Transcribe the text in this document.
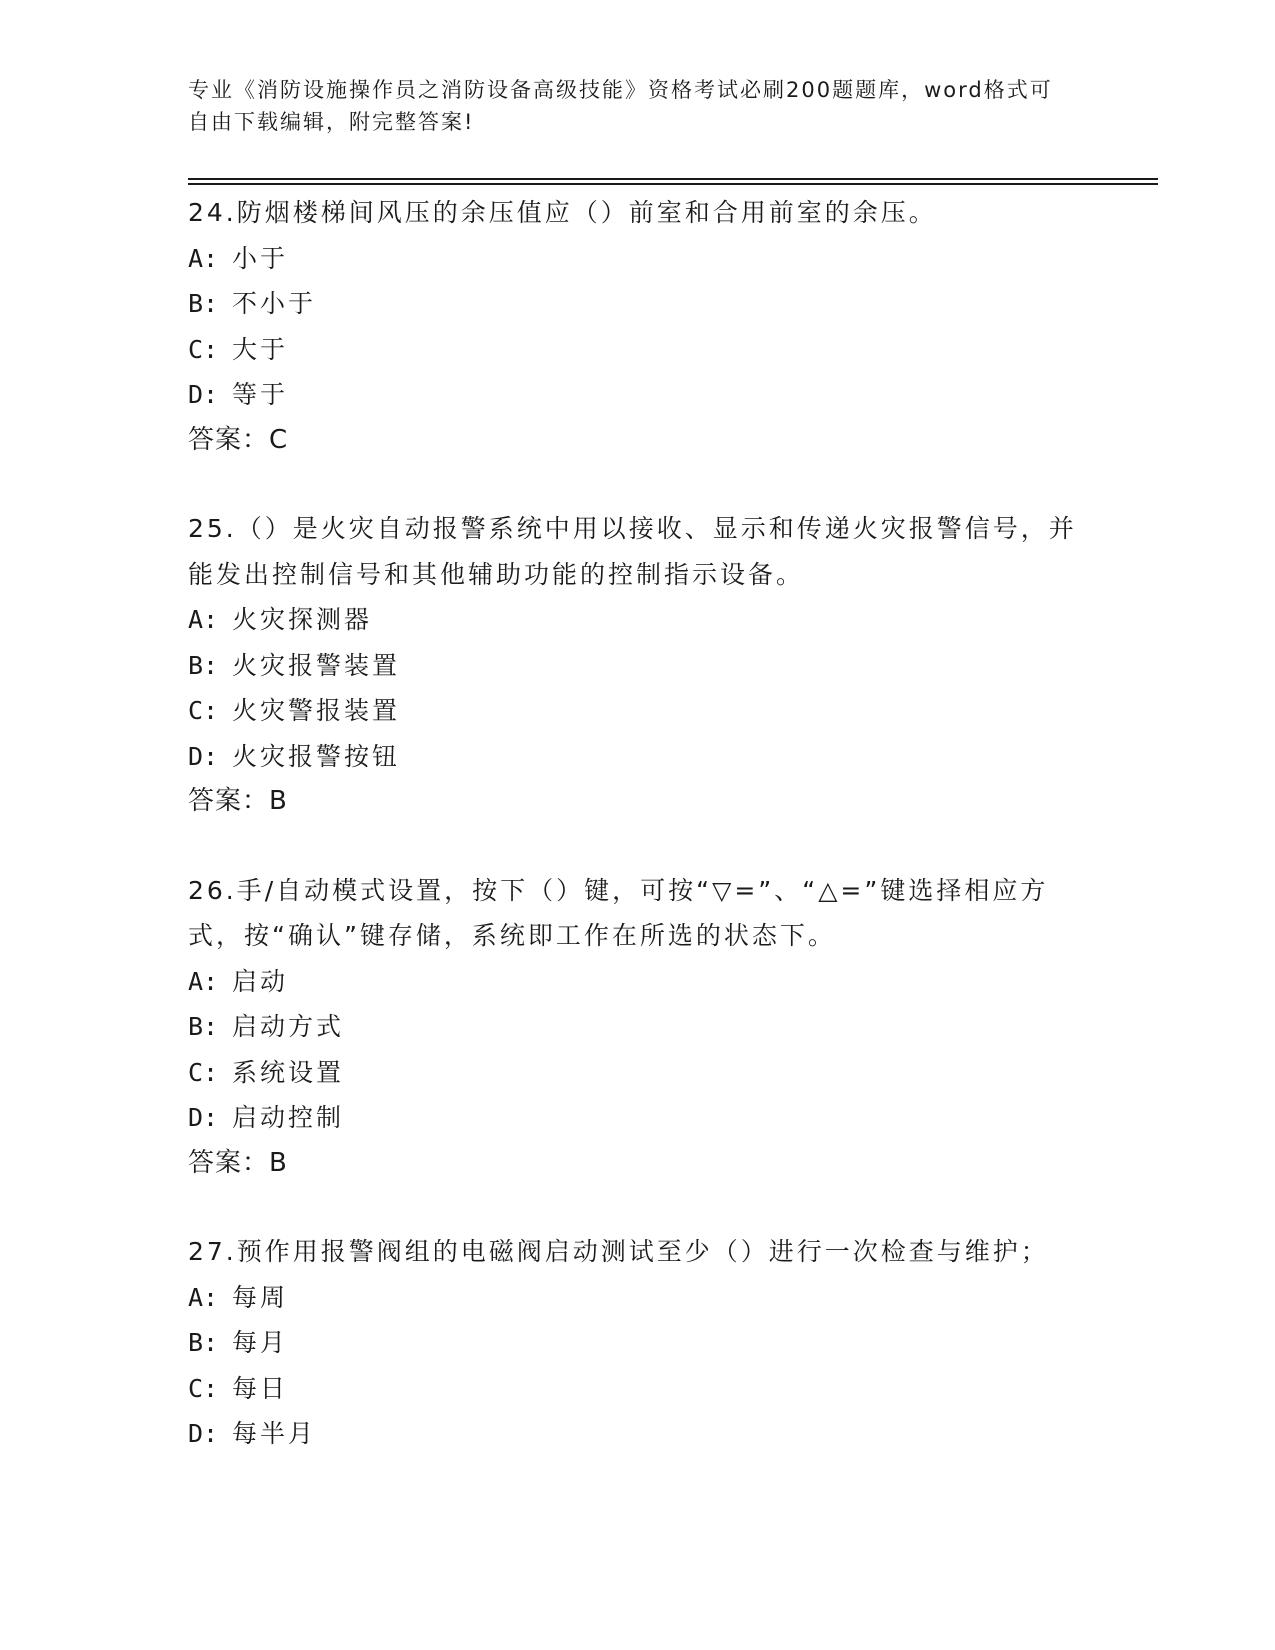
专业《消防设施操作员之消防设备高级技能》资格考试必刷200题题库，word格式可自由下载编辑，附完整答案!

24.防烟楼梯间风压的余压值应（）前室和合用前室的余压。

A: 小于
B: 不小于
C: 大于
D: 等于

答案：C

25.（）是火灾自动报警系统中用以接收、显示和传递火灾报警信号，并能发出控制信号和其他辅助功能的控制指示设备。

A: 火灾探测器
B: 火灾报警装置
C: 火灾警报装置
D: 火灾报警按钮

答案：B

26.手/自动模式设置，按下（）键，可按“▽=”、“△=”键选择相应方式，按“确认”键存储，系统即工作在所选的状态下。

A: 启动
B: 启动方式
C: 系统设置
D: 启动控制

答案：B

27.预作用报警阀组的电磁阀启动测试至少（）进行一次检查与维护；

A: 每周
B: 每月
C: 每日
D: 每半月
